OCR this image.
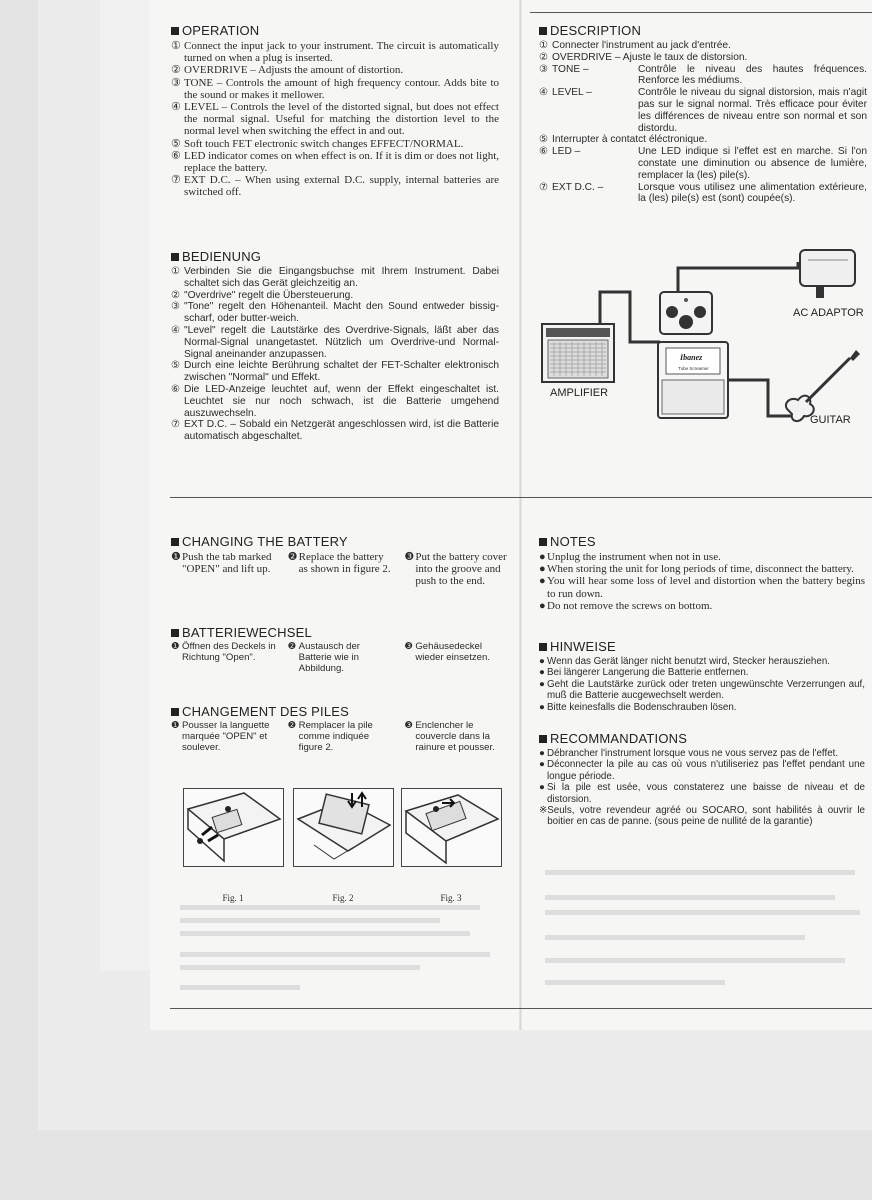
OPERATION
① Connect the input jack to your instrument. The circuit is automatically turned on when a plug is inserted.

② OVERDRIVE – Adjusts the amount of distortion.

③ TONE – Controls the amount of high frequency contour. Adds bite to the sound or makes it mellower.

④ LEVEL – Controls the level of the distorted signal, but does not effect the normal signal. Useful for matching the distortion level to the normal level when switching the effect in and out.

⑤ Soft touch FET electronic switch changes EFFECT/NORMAL.

⑥ LED indicator comes on when effect is on. If it is dim or does not light, replace the battery.

⑦ EXT D.C. – When using external D.C. supply, internal batteries are switched off.

BEDIENUNG
① Verbinden Sie die Eingangsbuchse mit Ihrem Instrument. Dabei schaltet sich das Gerät gleichzeitig an.

② "Overdrive" regelt die Übersteuerung.

③ "Tone" regelt den Höhenanteil. Macht den Sound entweder bissig-scharf, oder butter-weich.

④ "Level" regelt die Lautstärke des Overdrive-Signals, läßt aber das Normal-Signal unangetastet. Nützlich um Overdrive-und Normal-Signal aneinander anzupassen.

⑤ Durch eine leichte Berührung schaltet der FET-Schalter elektronisch zwischen "Normal" und Effekt.

⑥ Die LED-Anzeige leuchtet auf, wenn der Effekt eingeschaltet ist. Leuchtet sie nur noch schwach, ist die Batterie umgehend auszuwechseln.

⑦ EXT D.C. – Sobald ein Netzgerät angeschlossen wird, ist die Batterie automatisch abgeschaltet.

DESCRIPTION
① Connecter l'instrument au jack d'entrée.
② OVERDRIVE – Ajuste le taux de distorsion.
③ TONE –	Contrôle le niveau des hautes fréquences. Renforce les médiums.

④ LEVEL –	Contrôle le niveau du signal distorsion, mais n'agit pas sur le signal normal. Très efficace pour éviter les différences de niveau entre son normal et son distordu.

⑤ Interrupter à contatct éléctronique.
⑥ LED –	Une LED indique si l'effet est en marche. Si l'on constate une diminution ou absence de lumière, remplacer la (les) pile(s).

⑦ EXT D.C. –	Lorsque vous utilisez une alimentation extérieure, la (les) pile(s) est (sont) coupée(s).

AC ADAPTOR
AMPLIFIER
Ibanez
Tube Screamer
GUITAR
CHANGING THE BATTERY
❶ Push the tab marked "OPEN" and lift up.
❷ Replace the battery as shown in figure 2.
❸ Put the battery cover into the groove and push to the end.
BATTERIEWECHSEL
❶ Öffnen des Deckels in Richtung "Open".
❷ Austausch der Batterie wie in Abbildung.
❸ Gehäusedeckel wieder einsetzen.
CHANGEMENT DES PILES
❶ Pousser la languette marquée "OPEN" et soulever.
❷ Remplacer la pile comme indiquée figure 2.
❸ Enclencher le couvercle dans la rainure et pousser.
Fig. 1	Fig. 2	Fig. 3
NOTES
● Unplug the instrument when not in use.

● When storing the unit for long periods of time, disconnect the battery.

● You will hear some loss of level and distortion when the battery begins to run down.

● Do not remove the screws on bottom.

HINWEISE
● Wenn das Gerät länger nicht benutzt wird, Stecker herausziehen.

● Bei längerer Langerung die Batterie entfernen.

● Geht die Lautstärke zurück oder treten ungewünschte Verzerrungen auf, muß die Batterie aucgewechselt werden.

● Bitte keinesfalls die Bodenschrauben lösen.

RECOMMANDATIONS
● Débrancher l'instrument lorsque vous ne vous servez pas de l'effet.

● Déconnecter la pile au cas où vous n'utiliseriez pas l'effet pendant une longue période.

● Si la pile est usée, vous constaterez une baisse de niveau et de distorsion.

※ Seuls, votre revendeur agréé ou SOCARO, sont habilités à ouvrir le boitier en cas de panne. (sous peine de nullité de la garantie)
